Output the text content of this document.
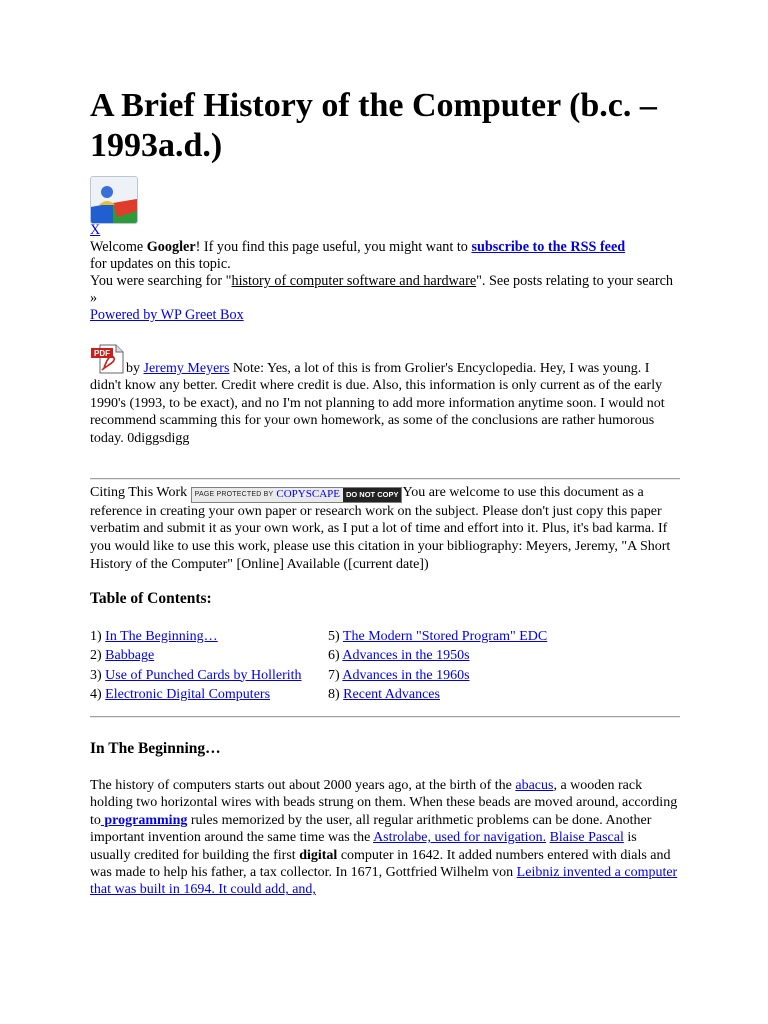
A Brief History of the Computer (b.c. – 1993a.d.)
X
Welcome Googler! If you find this page useful, you might want to subscribe to the RSS feed
for updates on this topic.
You were searching for "history of computer software and hardware". See posts relating to your search »
Powered by WP Greet Box
PDF
by Jeremy Meyers Note: Yes, a lot of this is from Grolier's Encyclopedia. Hey, I was young. I didn't know any better. Credit where credit is due. Also, this information is only current as of the early 1990's (1993, to be exact), and no I'm not planning to add more information anytime soon. I would not recommend scamming this for your own homework, as some of the conclusions are rather humorous today. 0diggsdigg
Citing This Work PAGE PROTECTED BY COPYSCAPE DO NOT COPY You are welcome to use this document as a reference in creating your own paper or research work on the subject. Please don't just copy this paper verbatim and submit it as your own work, as I put a lot of time and effort into it. Plus, it's bad karma. If you would like to use this work, please use this citation in your bibliography: Meyers, Jeremy, "A Short History of the Computer" [Online] Available ([current date])
Table of Contents:
1) In The Beginning…
2) Babbage
3) Use of Punched Cards by Hollerith
4) Electronic Digital Computers
5) The Modern "Stored Program" EDC
6) Advances in the 1950s
7) Advances in the 1960s
8) Recent Advances
In The Beginning…
The history of computers starts out about 2000 years ago, at the birth of the abacus, a wooden rack holding two horizontal wires with beads strung on them. When these beads are moved around, according to programming rules memorized by the user, all regular arithmetic problems can be done. Another important invention around the same time was the Astrolabe, used for navigation. Blaise Pascal is usually credited for building the first digital computer in 1642. It added numbers entered with dials and was made to help his father, a tax collector. In 1671, Gottfried Wilhelm von Leibniz invented a computer that was built in 1694. It could add, and,
